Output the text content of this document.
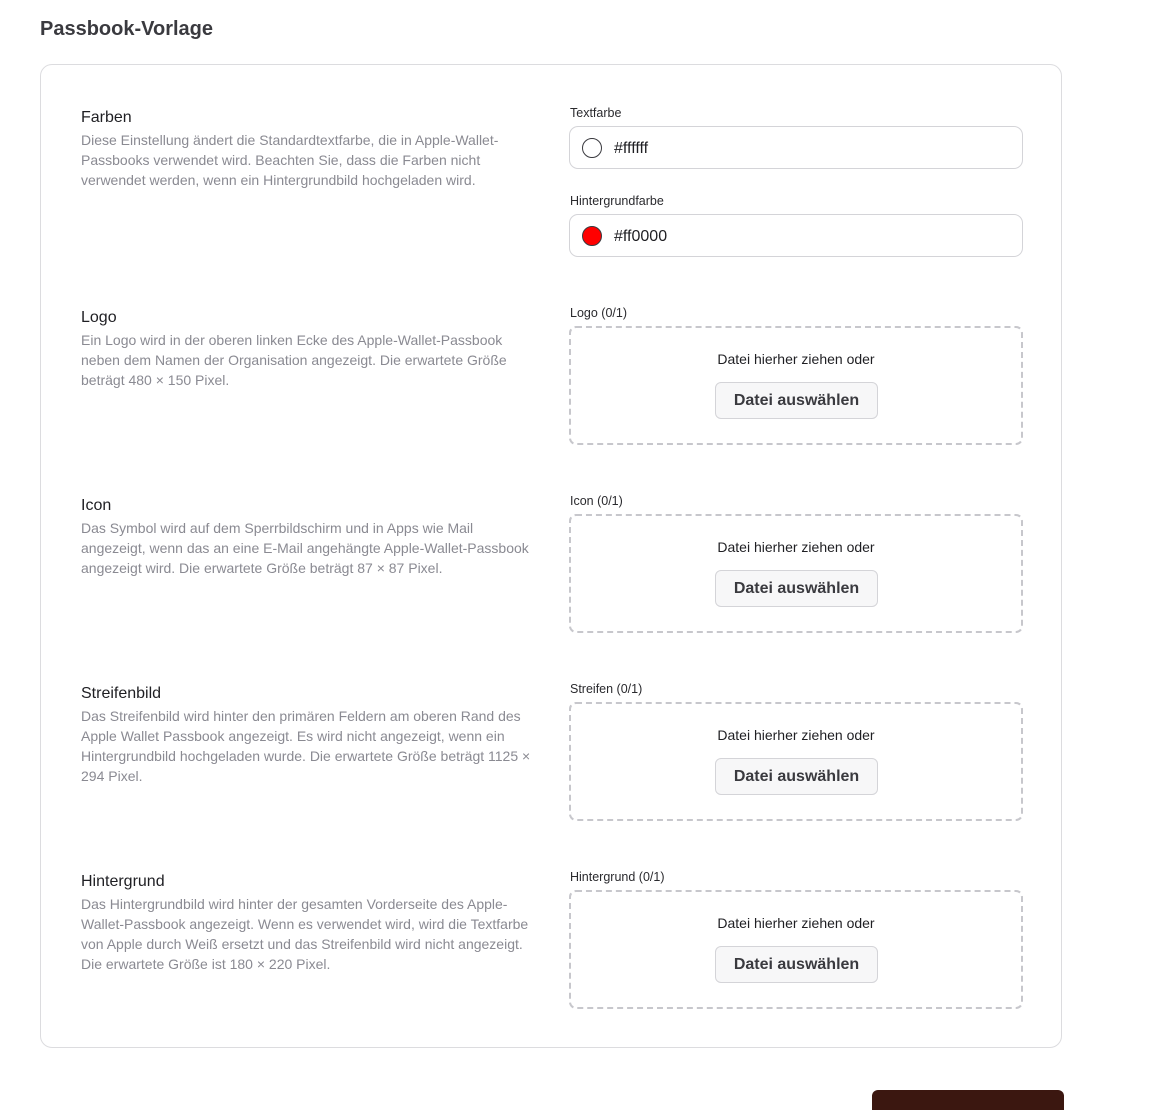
Passbook-Vorlage
Farben

Diese Einstellung ändert die Standardtextfarbe, die in Apple-Wallet-Passbooks verwendet wird. Beachten Sie, dass die Farben nicht verwendet werden, wenn ein Hintergrundbild hochgeladen wird.

Textfarbe
#ffffff
Hintergrundfarbe
#ff0000
Logo

Ein Logo wird in der oberen linken Ecke des Apple-Wallet-Passbook neben dem Namen der Organisation angezeigt. Die erwartete Größe beträgt 480 × 150 Pixel.

Logo (0/1)
Datei hierher ziehen oder
Datei auswählen
Icon

Das Symbol wird auf dem Sperrbildschirm und in Apps wie Mail angezeigt, wenn das an eine E-Mail angehängte Apple-Wallet-Passbook angezeigt wird. Die erwartete Größe beträgt 87 × 87 Pixel.

Icon (0/1)
Datei hierher ziehen oder
Datei auswählen
Streifenbild

Das Streifenbild wird hinter den primären Feldern am oberen Rand des Apple Wallet Passbook angezeigt. Es wird nicht angezeigt, wenn ein Hintergrundbild hochgeladen wurde. Die erwartete Größe beträgt 1125 × 294 Pixel.

Streifen (0/1)
Datei hierher ziehen oder
Datei auswählen
Hintergrund

Das Hintergrundbild wird hinter der gesamten Vorderseite des Apple-Wallet-Passbook angezeigt. Wenn es verwendet wird, wird die Textfarbe von Apple durch Weiß ersetzt und das Streifenbild wird nicht angezeigt. Die erwartete Größe ist 180 × 220 Pixel.

Hintergrund (0/1)
Datei hierher ziehen oder
Datei auswählen
